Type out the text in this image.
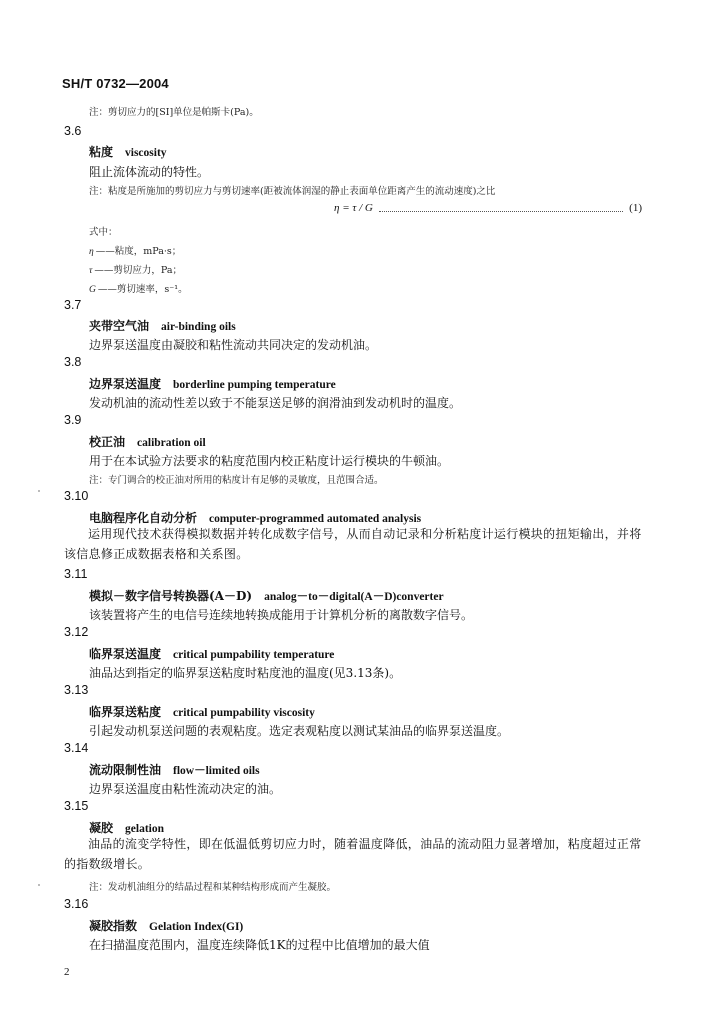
SH/T 0732—2004
注：剪切应力的[SI]单位是帕斯卡(Pa)。
3.6
粘度 viscosity
阻止流体流动的特性。
注：粘度是所施加的剪切应力与剪切速率(距被流体润湿的静止表面单位距离产生的流动速度)之比
η = τ / G	(1)
式中：
η ——粘度，mPa·s；
τ ——剪切应力，Pa；
G ——剪切速率，s⁻¹。
3.7
夹带空气油 air-binding oils
边界泵送温度由凝胶和粘性流动共同决定的发动机油。
3.8
边界泵送温度 borderline pumping temperature
发动机油的流动性差以致于不能泵送足够的润滑油到发动机时的温度。
3.9
校正油 calibration oil
用于在本试验方法要求的粘度范围内校正粘度计运行模块的牛顿油。
注：专门调合的校正油对所用的粘度计有足够的灵敏度，且范围合适。
3.10
电脑程序化自动分析 computer-programmed automated analysis
运用现代技术获得模拟数据并转化成数字信号，从而自动记录和分析粘度计运行模块的扭矩输出，并将该信息修正成数据表格和关系图。
3.11
模拟－数字信号转换器(A－D) analog－to－digital(A－D)converter
该装置将产生的电信号连续地转换成能用于计算机分析的离散数字信号。
3.12
临界泵送温度 critical pumpability temperature
油品达到指定的临界泵送粘度时粘度池的温度(见3.13条)。
3.13
临界泵送粘度 critical pumpability viscosity
引起发动机泵送问题的表观粘度。选定表观粘度以测试某油品的临界泵送温度。
3.14
流动限制性油 flow－limited oils
边界泵送温度由粘性流动决定的油。
3.15
凝胶 gelation
油品的流变学特性，即在低温低剪切应力时，随着温度降低，油品的流动阻力显著增加，粘度超过正常的指数级增长。
注：发动机油组分的结晶过程和某种结构形成而产生凝胶。
3.16
凝胶指数 Gelation Index(GI)
在扫描温度范围内，温度连续降低1K的过程中比值增加的最大值
2
